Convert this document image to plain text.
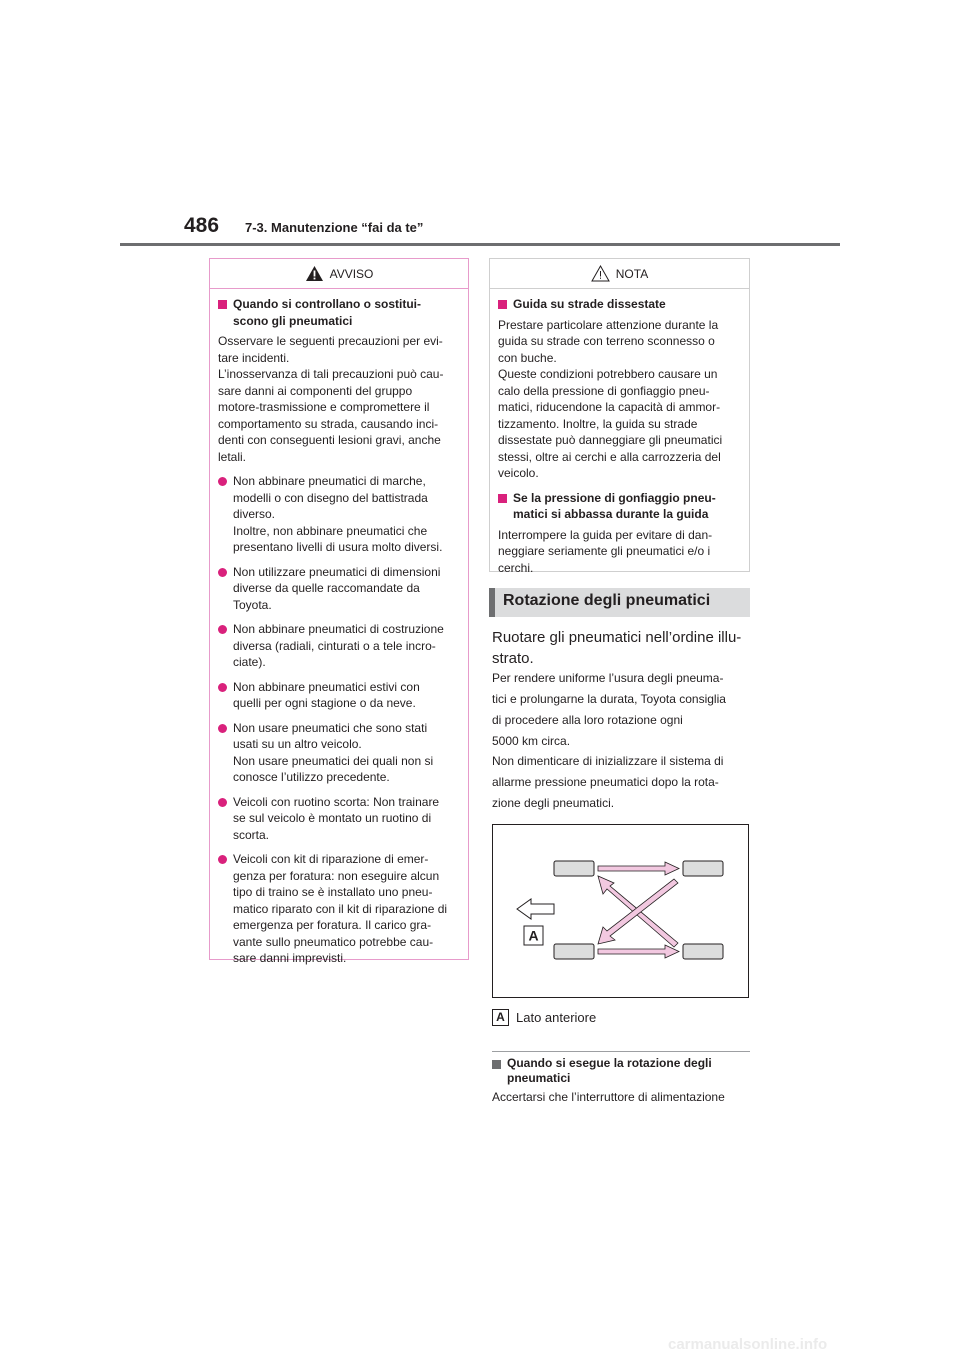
486 7-3. Manutenzione “fai da te”
AVVISO
Quando si controllano o sostitui-
scono gli pneumatici
Osservare le seguenti precauzioni per evi-
tare incidenti.
L’inosservanza di tali precauzioni può cau-
sare danni ai componenti del gruppo
motore-trasmissione e compromettere il
comportamento su strada, causando inci-
denti con conseguenti lesioni gravi, anche
letali.
Non abbinare pneumatici di marche,
modelli o con disegno del battistrada
diverso.
Inoltre, non abbinare pneumatici che
presentano livelli di usura molto diversi.
Non utilizzare pneumatici di dimensioni
diverse da quelle raccomandate da
Toyota.
Non abbinare pneumatici di costruzione
diversa (radiali, cinturati o a tele incro-
ciate).
Non abbinare pneumatici estivi con
quelli per ogni stagione o da neve.
Non usare pneumatici che sono stati
usati su un altro veicolo.
Non usare pneumatici dei quali non si
conosce l’utilizzo precedente.
Veicoli con ruotino scorta: Non trainare
se sul veicolo è montato un ruotino di
scorta.
Veicoli con kit di riparazione di emer-
genza per foratura: non eseguire alcun
tipo di traino se è installato uno pneu-
matico riparato con il kit di riparazione di
emergenza per foratura. Il carico gra-
vante sullo pneumatico potrebbe cau-
sare danni imprevisti.
NOTA
Guida su strade dissestate
Prestare particolare attenzione durante la
guida su strade con terreno sconnesso o
con buche.
Queste condizioni potrebbero causare un
calo della pressione di gonfiaggio pneu-
matici, riducendone la capacità di ammor-
tizzamento. Inoltre, la guida su strade
dissestate può danneggiare gli pneumatici
stessi, oltre ai cerchi e alla carrozzeria del
veicolo.
Se la pressione di gonfiaggio pneu-
matici si abbassa durante la guida
Interrompere la guida per evitare di dan-
neggiare seriamente gli pneumatici e/o i
cerchi.
Rotazione degli pneumatici
Ruotare gli pneumatici nell’ordine illu-
strato.
Per rendere uniforme l’usura degli pneuma-
tici e prolungarne la durata, Toyota consiglia
di procedere alla loro rotazione ogni
5000 km circa.
Non dimenticare di inizializzare il sistema di
allarme pressione pneumatici dopo la rota-
zione degli pneumatici.
A
A Lato anteriore
Quando si esegue la rotazione degli
pneumatici
Accertarsi che l’interruttore di alimentazione
carmanualsonline.info
